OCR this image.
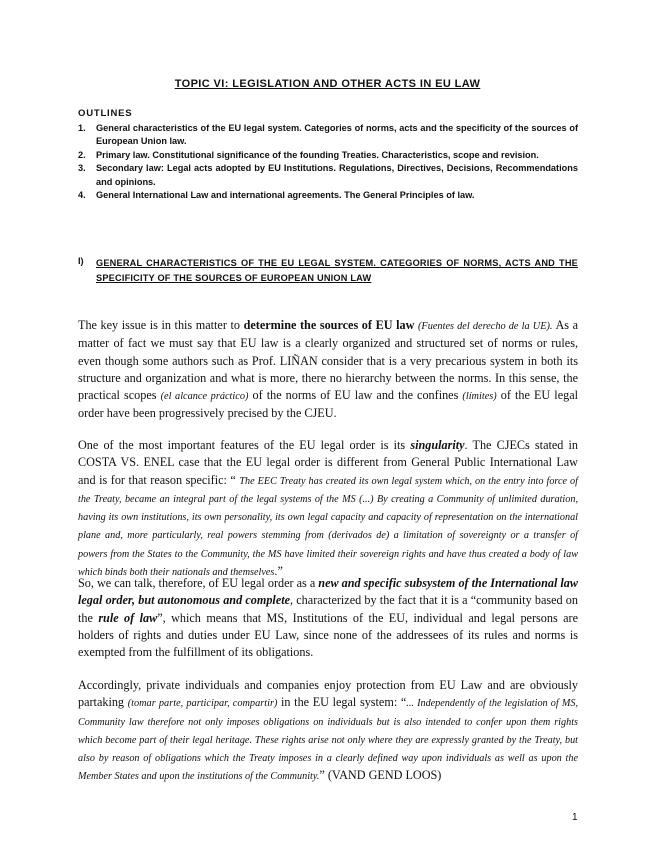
TOPIC VI: LEGISLATION AND OTHER ACTS IN EU LAW
OUTLINES
1. General characteristics of the EU legal system. Categories of norms, acts and the specificity of the sources of European Union law.
2. Primary law. Constitutional significance of the founding Treaties. Characteristics, scope and revision.
3. Secondary law: Legal acts adopted by EU Institutions. Regulations, Directives, Decisions, Recommendations and opinions.
4. General International Law and international agreements. The General Principles of law.
I) GENERAL CHARACTERISTICS OF THE EU LEGAL SYSTEM. CATEGORIES OF NORMS, ACTS AND THE SPECIFICITY OF THE SOURCES OF EUROPEAN UNION LAW

The key issue is in this matter to determine the sources of EU law (Fuentes del derecho de la UE). As a matter of fact we must say that EU law is a clearly organized and structured set of norms or rules, even though some authors such as Prof. LIÑAN consider that is a very precarious system in both its structure and organization and what is more, there no hierarchy between the norms. In this sense, the practical scopes (el alcance práctico) of the norms of EU law and the confines (límites) of the EU legal order have been progressively precised by the CJEU.

One of the most important features of the EU legal order is its singularity. The CJECs stated in COSTA VS. ENEL case that the EU legal order is different from General Public International Law and is for that reason specific: “ The EEC Treaty has created its own legal system which, on the entry into force of the Treaty, became an integral part of the legal systems of the MS (...) By creating a Community of unlimited duration, having its own institutions, its own personality, its own legal capacity and capacity of representation on the international plane and, more particularly, real powers stemming from (derivados de) a limitation of sovereignty or a transfer of powers from the States to the Community, the MS have limited their sovereign rights and have thus created a body of law which binds both their nationals and themselves.”

So, we can talk, therefore, of EU legal order as a new and specific subsystem of the International law legal order, but autonomous and complete, characterized by the fact that it is a “community based on the rule of law”, which means that MS, Institutions of the EU, individual and legal persons are holders of rights and duties under EU Law, since none of the addressees of its rules and norms is exempted from the fulfillment of its obligations.

Accordingly, private individuals and companies enjoy protection from EU Law and are obviously partaking (tomar parte, participar, compartir) in the EU legal system: “... Independently of the legislation of MS, Community law therefore not only imposes obligations on individuals but is also intended to confer upon them rights which become part of their legal heritage. These rights arise not only where they are expressly granted by the Treaty, but also by reason of obligations which the Treaty imposes in a clearly defined way upon individuals as well as upon the Member States and upon the institutions of the Community.” (VAND GEND LOOS)

1
